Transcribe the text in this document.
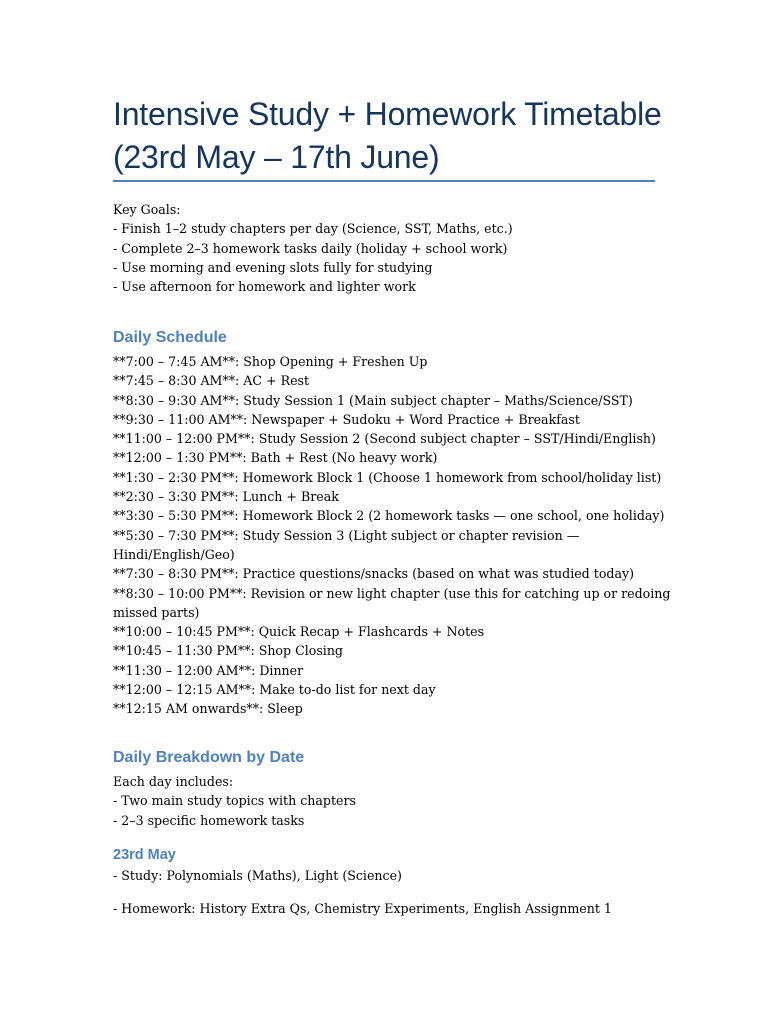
Intensive Study + Homework Timetable
(23rd May – 17th June)
Key Goals:
- Finish 1–2 study chapters per day (Science, SST, Maths, etc.)
- Complete 2–3 homework tasks daily (holiday + school work)
- Use morning and evening slots fully for studying
- Use afternoon for homework and lighter work
Daily Schedule
**7:00 – 7:45 AM**: Shop Opening + Freshen Up
**7:45 – 8:30 AM**: AC + Rest
**8:30 – 9:30 AM**: Study Session 1 (Main subject chapter – Maths/Science/SST)
**9:30 – 11:00 AM**: Newspaper + Sudoku + Word Practice + Breakfast
**11:00 – 12:00 PM**: Study Session 2 (Second subject chapter – SST/Hindi/English)
**12:00 – 1:30 PM**: Bath + Rest (No heavy work)
**1:30 – 2:30 PM**: Homework Block 1 (Choose 1 homework from school/holiday list)
**2:30 – 3:30 PM**: Lunch + Break
**3:30 – 5:30 PM**: Homework Block 2 (2 homework tasks — one school, one holiday)
**5:30 – 7:30 PM**: Study Session 3 (Light subject or chapter revision —
Hindi/English/Geo)
**7:30 – 8:30 PM**: Practice questions/snacks (based on what was studied today)
**8:30 – 10:00 PM**: Revision or new light chapter (use this for catching up or redoing
missed parts)
**10:00 – 10:45 PM**: Quick Recap + Flashcards + Notes
**10:45 – 11:30 PM**: Shop Closing
**11:30 – 12:00 AM**: Dinner
**12:00 – 12:15 AM**: Make to-do list for next day
**12:15 AM onwards**: Sleep
Daily Breakdown by Date
Each day includes:
- Two main study topics with chapters
- 2–3 specific homework tasks
23rd May
- Study: Polynomials (Maths), Light (Science)
- Homework: History Extra Qs, Chemistry Experiments, English Assignment 1
